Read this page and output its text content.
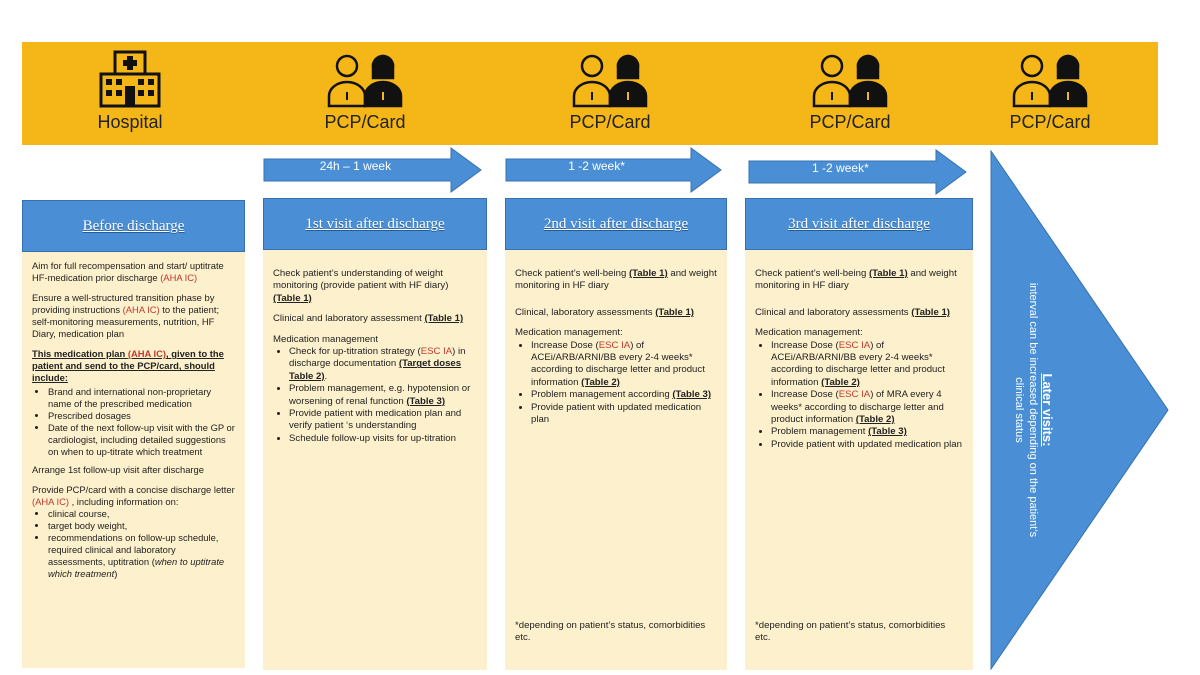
Hospital	PCP/Card	PCP/Card	PCP/Card	PCP/Card
24h – 1 week	1 -2 week*	1 -2 week*
Before discharge

Aim for full recompensation and start/ uptitrate HF-medication prior discharge (AHA IC)

Ensure a well-structured transition phase by providing instructions (AHA IC) to the patient; self-monitoring measurements, nutrition, HF Diary, medication plan

This medication plan (AHA IC), given to the patient and send to the PCP/card, should include:

• Brand and international non-proprietary name of the prescribed medication
• Prescribed dosages
• Date of the next follow-up visit with the GP or cardiologist, including detailed suggestions on when to up-titrate which treatment

Arrange 1st follow-up visit after discharge

Provide PCP/card with a concise discharge letter (AHA IC) , including information on:

• clinical course,
• target body weight,
• recommendations on follow-up schedule, required clinical and laboratory assessments, uptitration (when to uptitrate which treatment)
1st visit after discharge

Check patient’s understanding of weight monitoring (provide patient with HF diary) (Table 1)

Clinical and laboratory assessment (Table 1)

Medication management

• Check for up-titration strategy (ESC IA) in discharge documentation (Target doses Table 2).
• Problem management, e.g. hypotension or worsening of renal function (Table 3)
• Provide patient with medication plan and verify patient ‘s understanding
• Schedule follow-up visits for up-titration
2nd visit after discharge

Check patient’s well-being (Table 1) and weight monitoring in HF diary

Clinical, laboratory assessments (Table 1)

Medication management:

• Increase Dose (ESC IA) of ACEi/ARB/ARNI/BB every 2-4 weeks* according to discharge letter and product information (Table 2)
• Problem management according (Table 3)
• Provide patient with updated medication plan
*depending on patient’s status, comorbidities etc.
3rd visit after discharge

Check patient’s well-being (Table 1) and weight monitoring in HF diary

Clinical and laboratory assessments (Table 1)

Medication management:

• Increase Dose (ESC IA) of ACEi/ARB/ARNI/BB every 2-4 weeks* according to discharge letter and product information (Table 2)
• Increase Dose (ESC IA) of MRA every 4 weeks* according to discharge letter and product information (Table 2)
• Problem management (Table 3)
• Provide patient with updated medication plan
*depending on patient’s status, comorbidities etc.
Later visits:
interval can be increased depending on the patient’s clinical status
